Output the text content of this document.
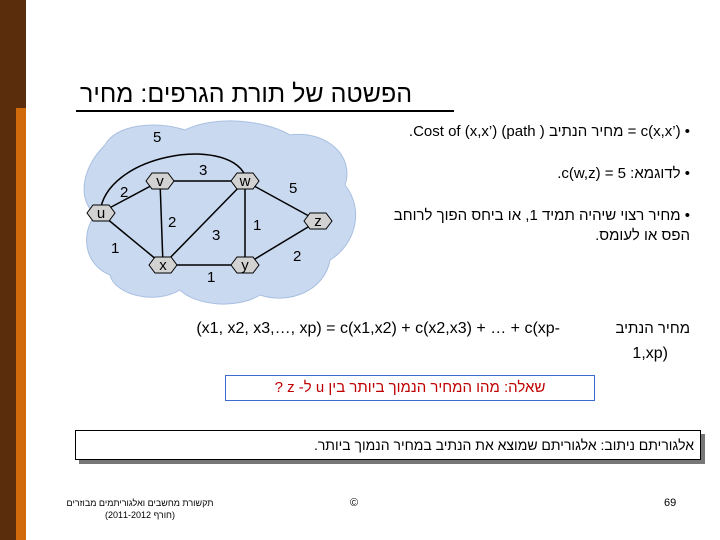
הפשטה של תורת הגרפים: מחיר
2
1
5
3
2
3
1
1
5
2
u
v	w
x	y
z
• c(x,x’) = מחיר הנתיב ( Cost of (x,x’) (path.
• לדוגמא: c(w,z) = 5.
• מחיר רצוי שיהיה תמיד 1, או ביחס הפוך לרוחב הפס או לעומס.
מחיר הנתיב
(x1, x2, x3,…, xp) = c(x1,x2) + c(x2,x3) + … + c(xp-
1,xp)
שאלה: מהו המחיר הנמוך ביותר בין u ל- z ?
אלגוריתם ניתוב: אלגוריתם שמוצא את הנתיב במחיר הנמוך ביותר.
תקשורת מחשבים ואלגוריתמים מבוזרים
(חורף 2011-2012)
©	69
